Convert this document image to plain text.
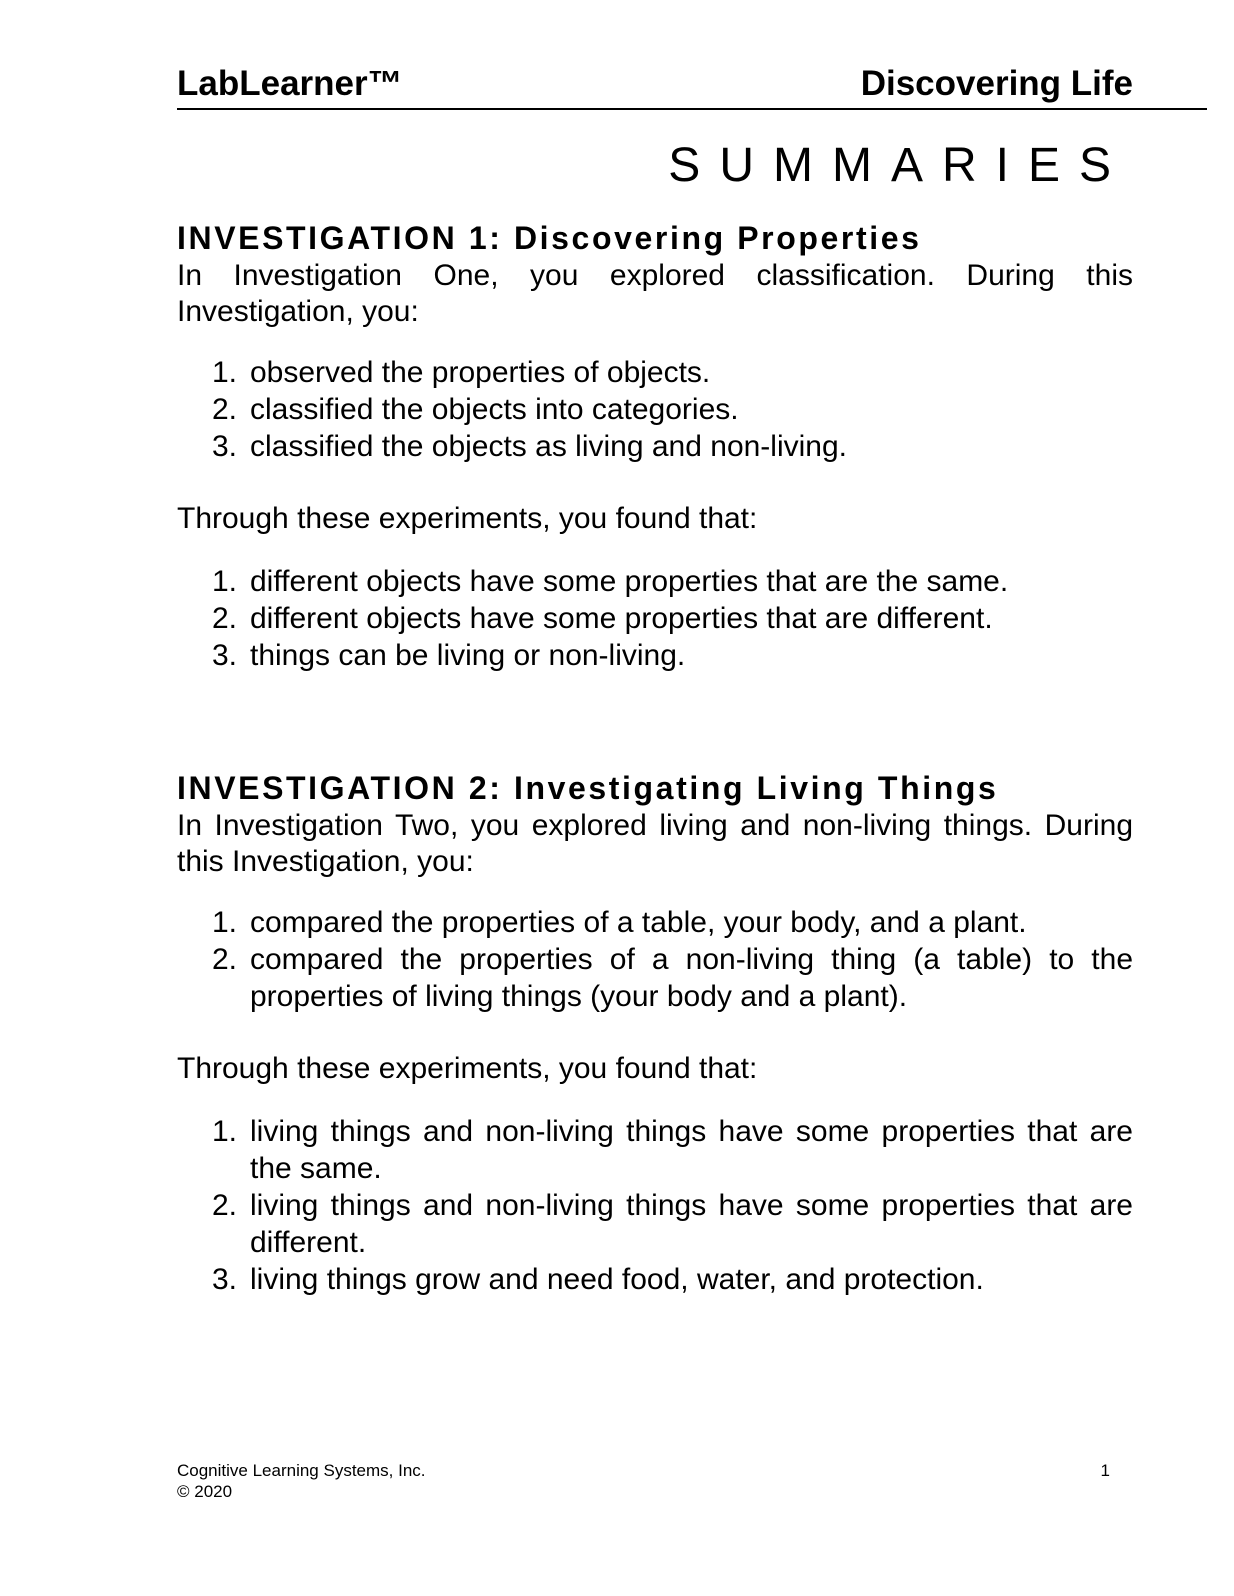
LabLearner™	Discovering Life
SUMMARIES
INVESTIGATION 1: Discovering Properties

In Investigation One, you explored classification. During this Investigation, you:

1. observed the properties of objects.
2. classified the objects into categories.
3. classified the objects as living and non-living.

Through these experiments, you found that:

1. different objects have some properties that are the same.
2. different objects have some properties that are different.
3. things can be living or non-living.
INVESTIGATION 2: Investigating Living Things

In Investigation Two, you explored living and non-living things. During this Investigation, you:

1. compared the properties of a table, your body, and a plant.
2. compared the properties of a non-living thing (a table) to the properties of living things (your body and a plant).

Through these experiments, you found that:

1. living things and non-living things have some properties that are the same.
2. living things and non-living things have some properties that are different.
3. living things grow and need food, water, and protection.
Cognitive Learning Systems, Inc.
© 2020
1
